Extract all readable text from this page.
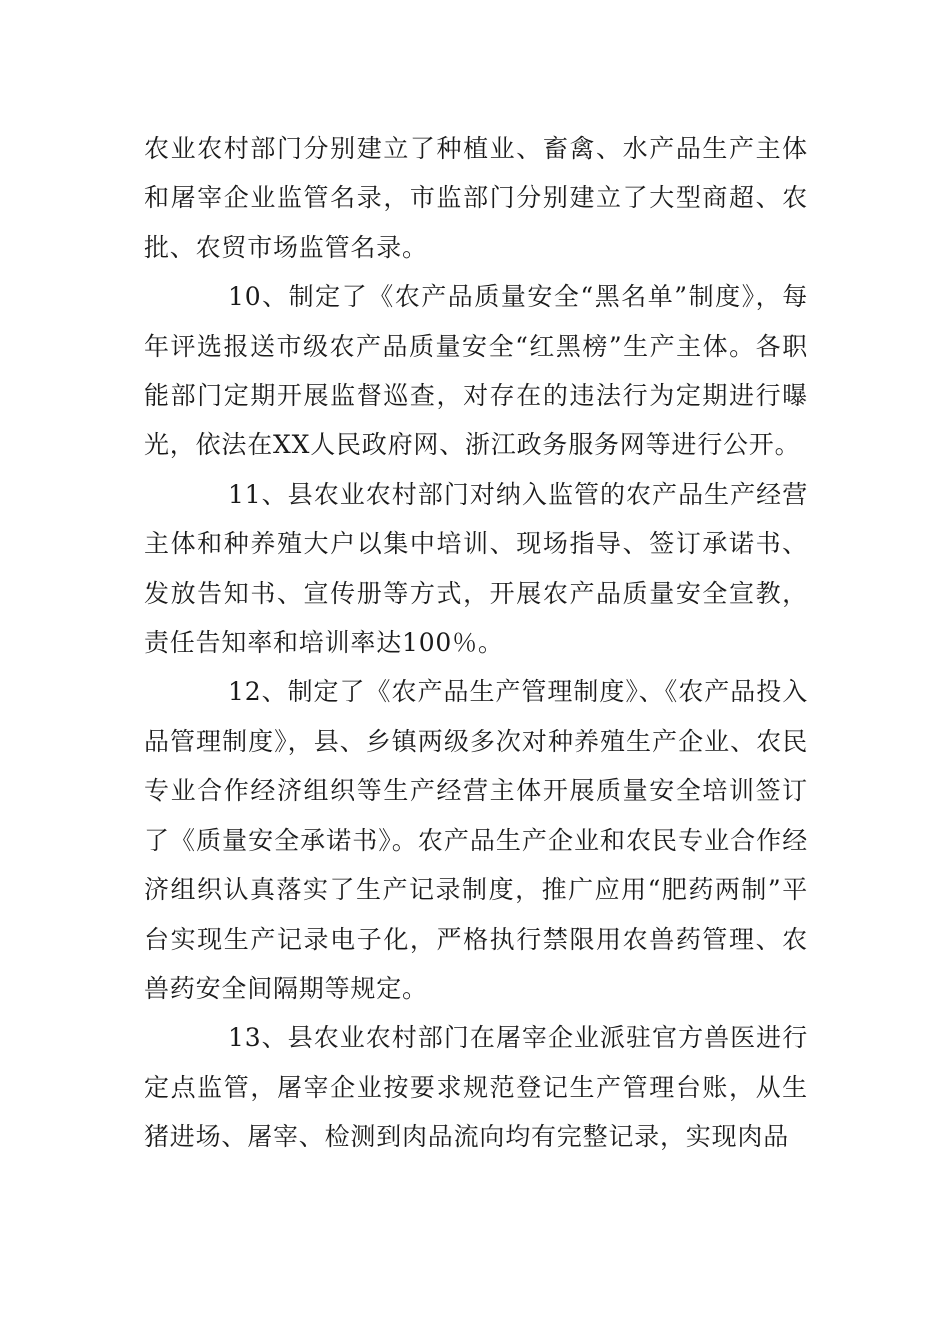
农业农村部门分别建立了种植业、畜禽、水产品生产主体和屠宰企业监管名录，市监部门分别建立了大型商超、农批、农贸市场监管名录。

10、制定了《农产品质量安全“黑名单”制度》，每年评选报送市级农产品质量安全“红黑榜”生产主体。各职能部门定期开展监督巡查，对存在的违法行为定期进行曝光，依法在XX人民政府网、浙江政务服务网等进行公开。

11、县农业农村部门对纳入监管的农产品生产经营主体和种养殖大户以集中培训、现场指导、签订承诺书、发放告知书、宣传册等方式，开展农产品质量安全宣教，责任告知率和培训率达100％。

12、制定了《农产品生产管理制度》、《农产品投入品管理制度》，县、乡镇两级多次对种养殖生产企业、农民专业合作经济组织等生产经营主体开展质量安全培训签订了《质量安全承诺书》。农产品生产企业和农民专业合作经济组织认真落实了生产记录制度，推广应用“肥药两制”平台实现生产记录电子化，严格执行禁限用农兽药管理、农兽药安全间隔期等规定。

13、县农业农村部门在屠宰企业派驻官方兽医进行定点监管，屠宰企业按要求规范登记生产管理台账，从生猪进场、屠宰、检测到肉品流向均有完整记录，实现肉品
